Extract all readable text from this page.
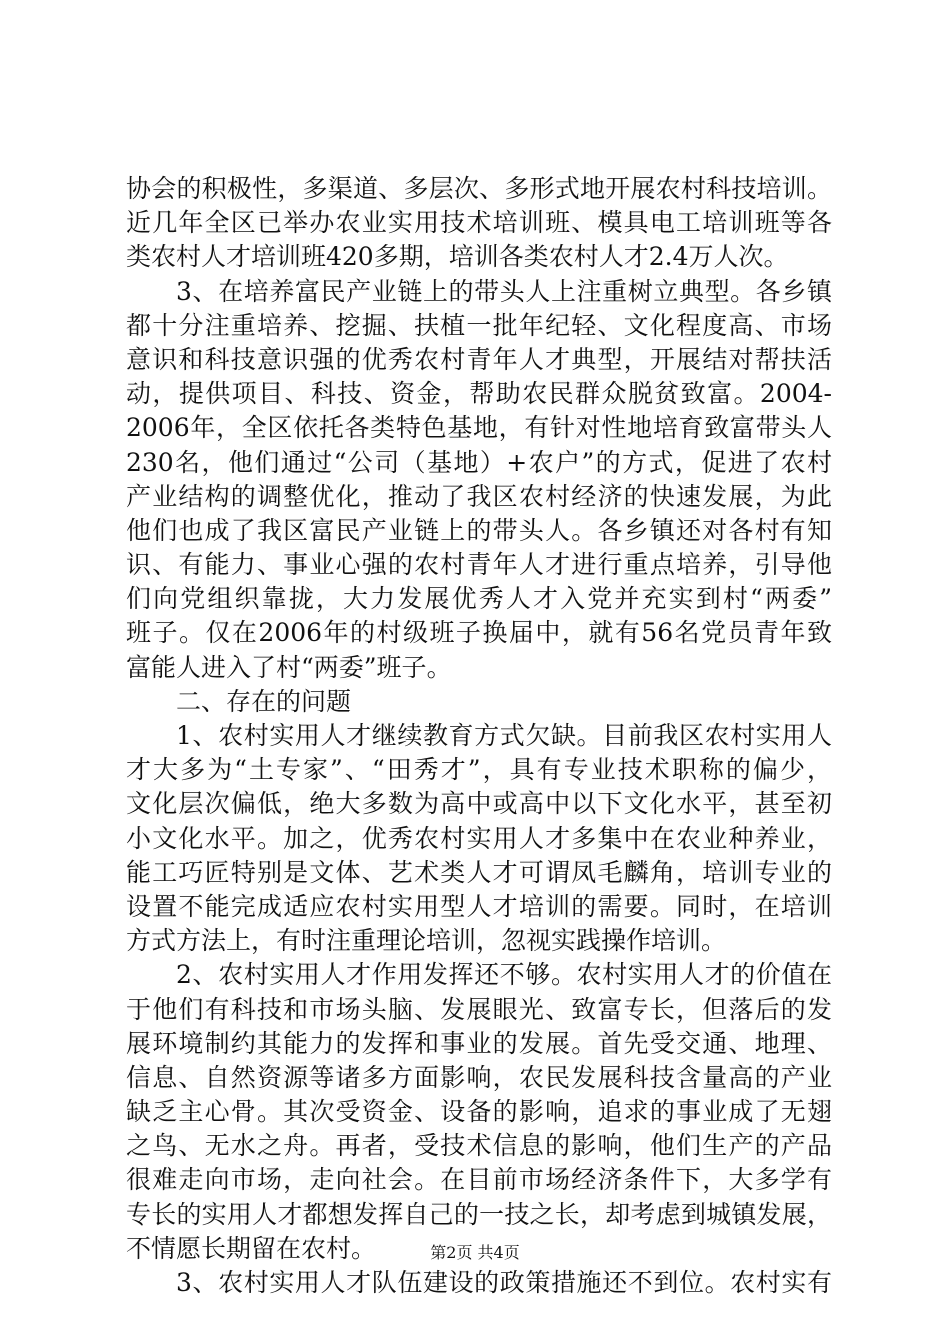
协会的积极性，多渠道、多层次、多形式地开展农村科技培训。
近几年全区已举办农业实用技术培训班、模具电工培训班等各
类农村人才培训班420多期，培训各类农村人才2.4万人次。
3、在培养富民产业链上的带头人上注重树立典型。各乡镇
都十分注重培养、挖掘、扶植一批年纪轻、文化程度高、市场
意识和科技意识强的优秀农村青年人才典型，开展结对帮扶活
动，提供项目、科技、资金，帮助农民群众脱贫致富。2004-
2006年，全区依托各类特色基地，有针对性地培育致富带头人
230名，他们通过“公司（基地）+农户”的方式，促进了农村
产业结构的调整优化，推动了我区农村经济的快速发展，为此
他们也成了我区富民产业链上的带头人。各乡镇还对各村有知
识、有能力、事业心强的农村青年人才进行重点培养，引导他
们向党组织靠拢，大力发展优秀人才入党并充实到村“两委”
班子。仅在2006年的村级班子换届中，就有56名党员青年致
富能人进入了村“两委”班子。
二、存在的问题
1、农村实用人才继续教育方式欠缺。目前我区农村实用人
才大多为“土专家”、“田秀才”，具有专业技术职称的偏少，
文化层次偏低，绝大多数为高中或高中以下文化水平，甚至初
小文化水平。加之，优秀农村实用人才多集中在农业种养业，
能工巧匠特别是文体、艺术类人才可谓凤毛麟角，培训专业的
设置不能完成适应农村实用型人才培训的需要。同时，在培训
方式方法上，有时注重理论培训，忽视实践操作培训。
2、农村实用人才作用发挥还不够。农村实用人才的价值在
于他们有科技和市场头脑、发展眼光、致富专长，但落后的发
展环境制约其能力的发挥和事业的发展。首先受交通、地理、
信息、自然资源等诸多方面影响，农民发展科技含量高的产业
缺乏主心骨。其次受资金、设备的影响，追求的事业成了无翅
之鸟、无水之舟。再者，受技术信息的影响，他们生产的产品
很难走向市场，走向社会。在目前市场经济条件下，大多学有
专长的实用人才都想发挥自己的一技之长，却考虑到城镇发展，
不情愿长期留在农村。
3、农村实用人才队伍建设的政策措施还不到位。农村实有
第2页 共4页
